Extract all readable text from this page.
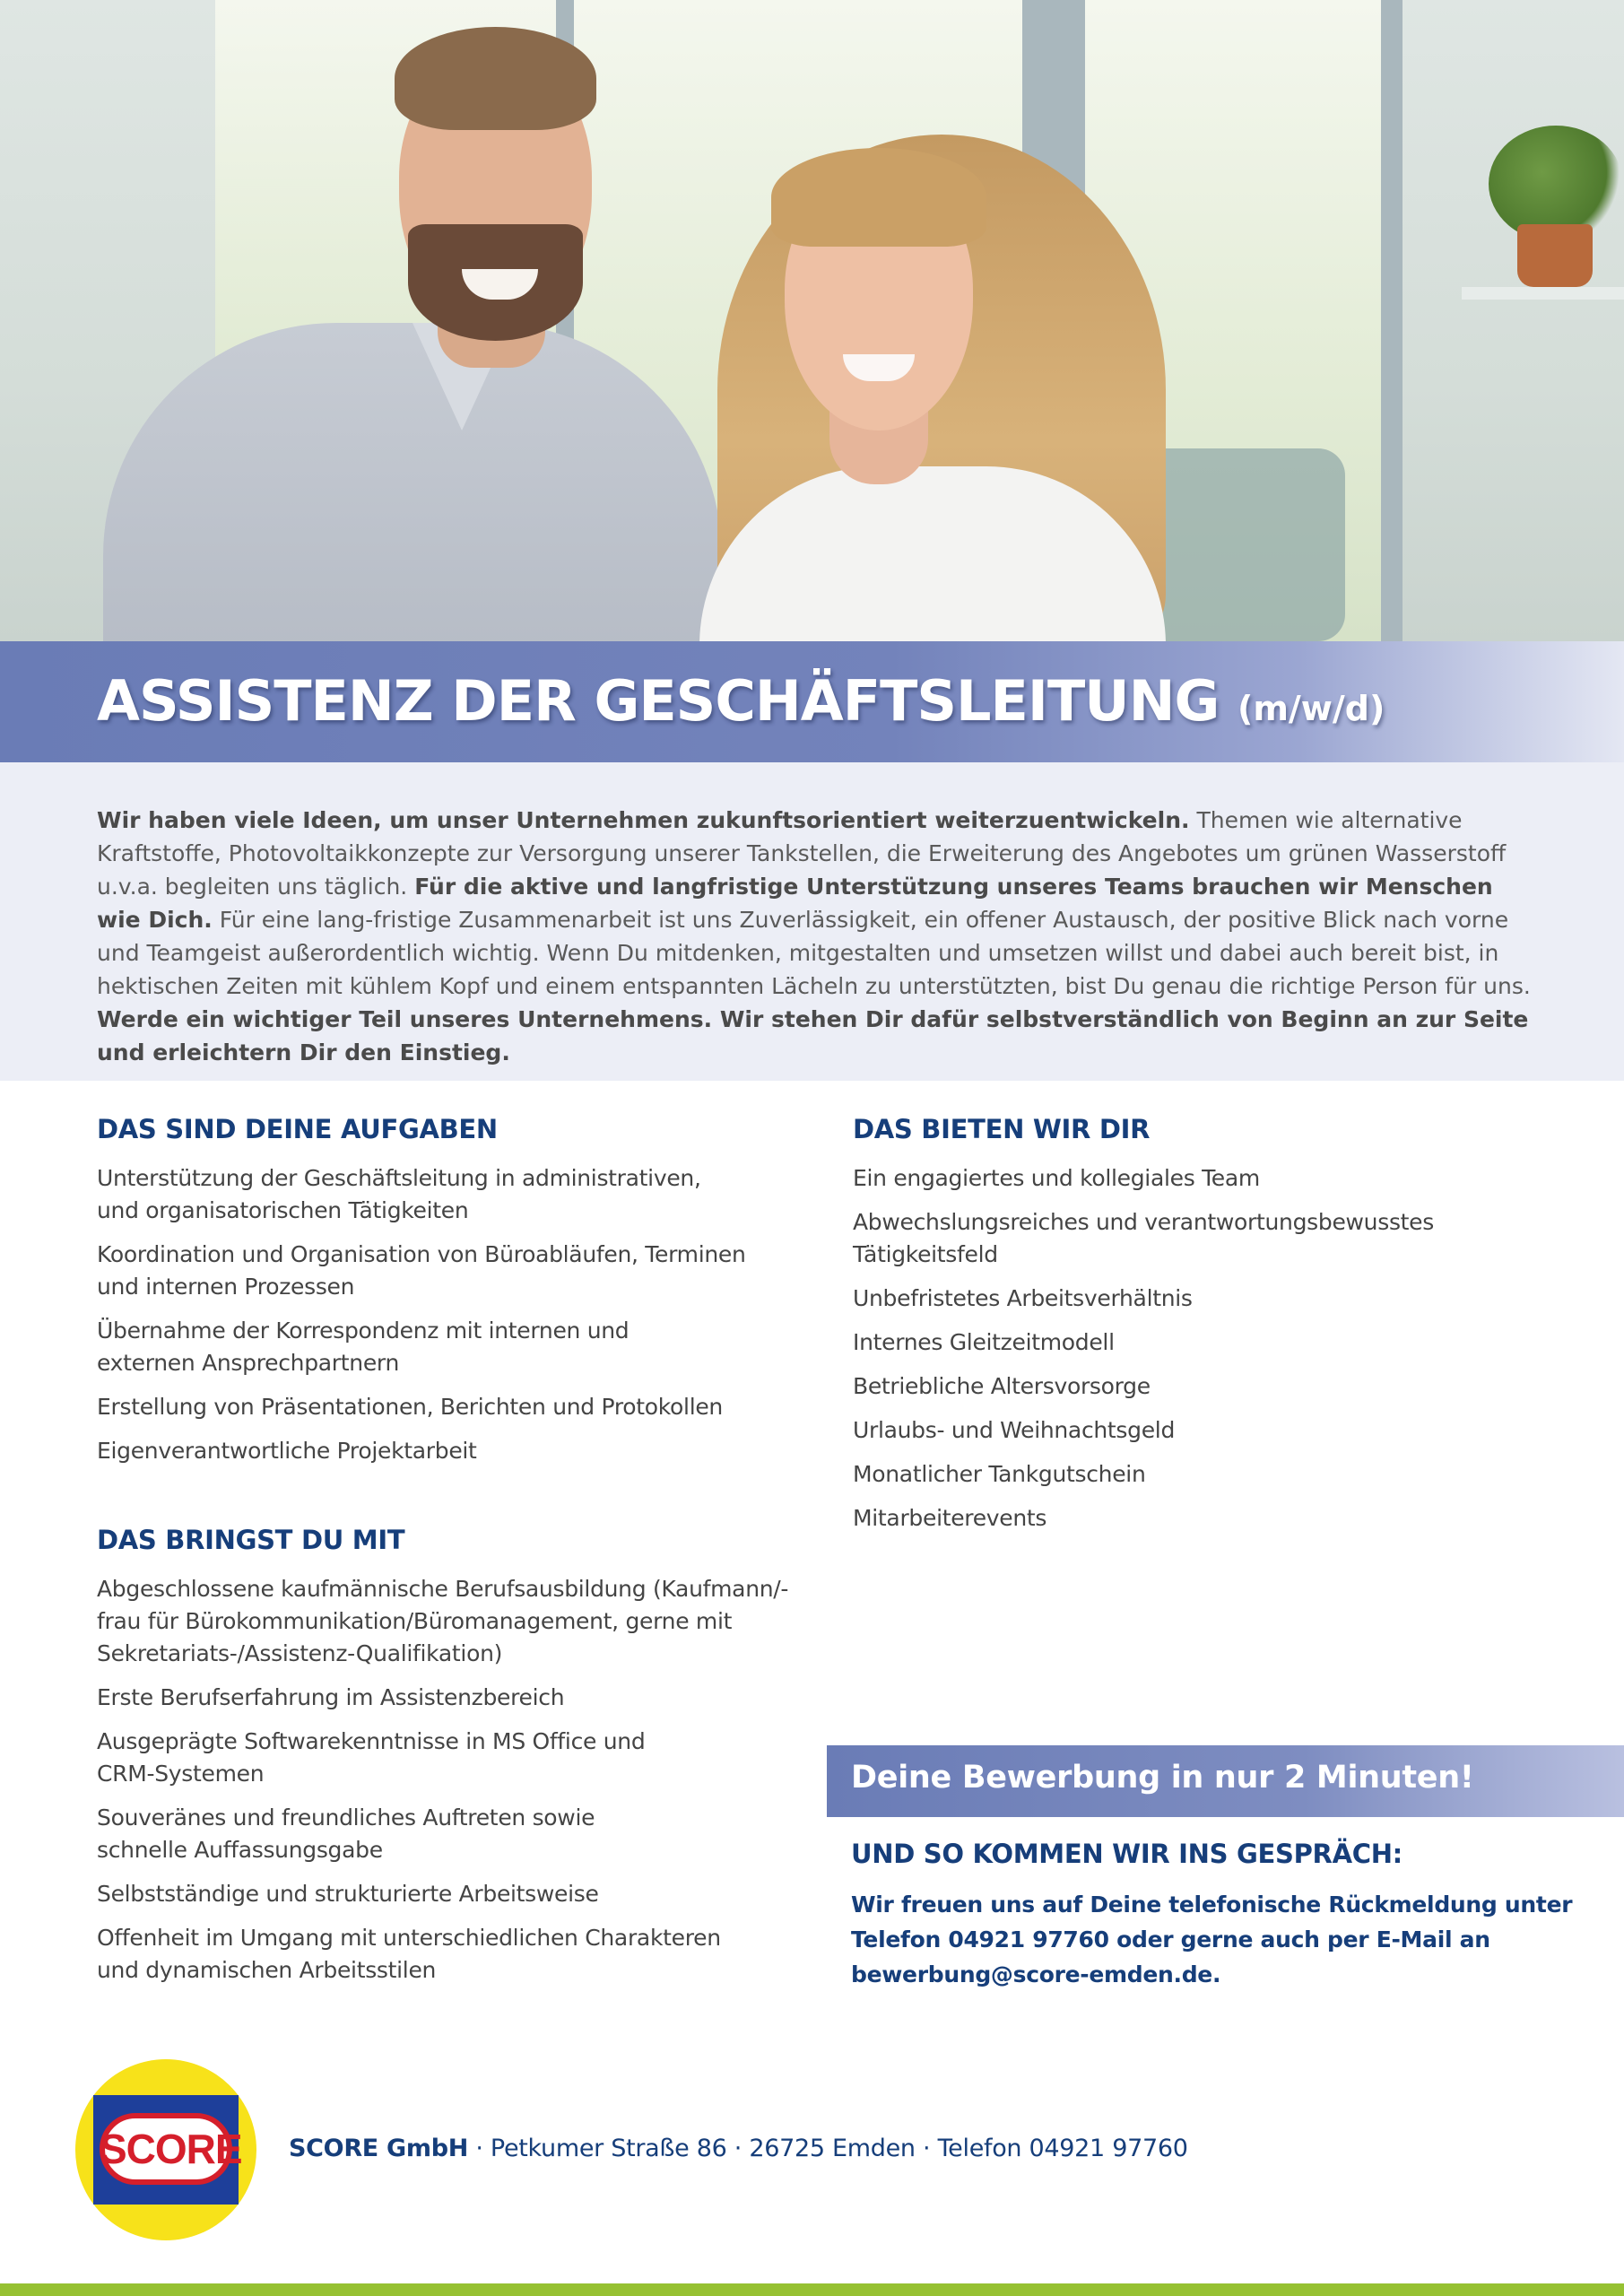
ASSISTENZ DER GESCHÄFTSLEITUNG (m/w/d)

Wir haben viele Ideen, um unser Unternehmen zukunftsorientiert weiterzuentwickeln. Themen wie alternative Kraftstoffe, Photovoltaikkonzepte zur Versorgung unserer Tankstellen, die Erweiterung des Angebotes um grünen Wasserstoff u.v.a. begleiten uns täglich. Für die aktive und langfristige Unterstützung unseres Teams brauchen wir Menschen wie Dich. Für eine lang-fristige Zusammenarbeit ist uns Zuverlässigkeit, ein offener Austausch, der positive Blick nach vorne und Teamgeist außerordentlich wichtig. Wenn Du mitdenken, mitgestalten und umsetzen willst und dabei auch bereit bist, in hektischen Zeiten mit kühlem Kopf und einem entspannten Lächeln zu unterstützten, bist Du genau die richtige Person für uns. Werde ein wichtiger Teil unseres Unternehmens. Wir stehen Dir dafür selbstverständlich von Beginn an zur Seite und erleichtern Dir den Einstieg.

DAS SIND DEINE AUFGABEN
Unterstützung der Geschäftsleitung in administrativen, und organisatorischen Tätigkeiten
Koordination und Organisation von Büroabläufen, Terminen und internen Prozessen
Übernahme der Korrespondenz mit internen und externen Ansprechpartnern
Erstellung von Präsentationen, Berichten und Protokollen
Eigenverantwortliche Projektarbeit
DAS BRINGST DU MIT
Abgeschlossene kaufmännische Berufsausbildung (Kaufmann/-frau für Bürokommunikation/Büromanagement, gerne mit Sekretariats-/Assistenz-Qualifikation)
Erste Berufserfahrung im Assistenzbereich
Ausgeprägte Softwarekenntnisse in MS Office und CRM-Systemen
Souveränes und freundliches Auftreten sowie schnelle Auffassungsgabe
Selbstständige und strukturierte Arbeitsweise
Offenheit im Umgang mit unterschiedlichen Charakteren und dynamischen Arbeitsstilen
DAS BIETEN WIR DIR
Ein engagiertes und kollegiales Team
Abwechslungsreiches und verantwortungsbewusstes Tätigkeitsfeld
Unbefristetes Arbeitsverhältnis
Internes Gleitzeitmodell
Betriebliche Altersvorsorge
Urlaubs- und Weihnachtsgeld
Monatlicher Tankgutschein
Mitarbeiterevents
Deine Bewerbung in nur 2 Minuten!
UND SO KOMMEN WIR INS GESPRÄCH:

Wir freuen uns auf Deine telefonische Rückmeldung unter Telefon 04921 97760 oder gerne auch per E-Mail an bewerbung@score-emden.de.

SCORE SCORE GmbH · Petkumer Straße 86 · 26725 Emden · Telefon 04921 97760
